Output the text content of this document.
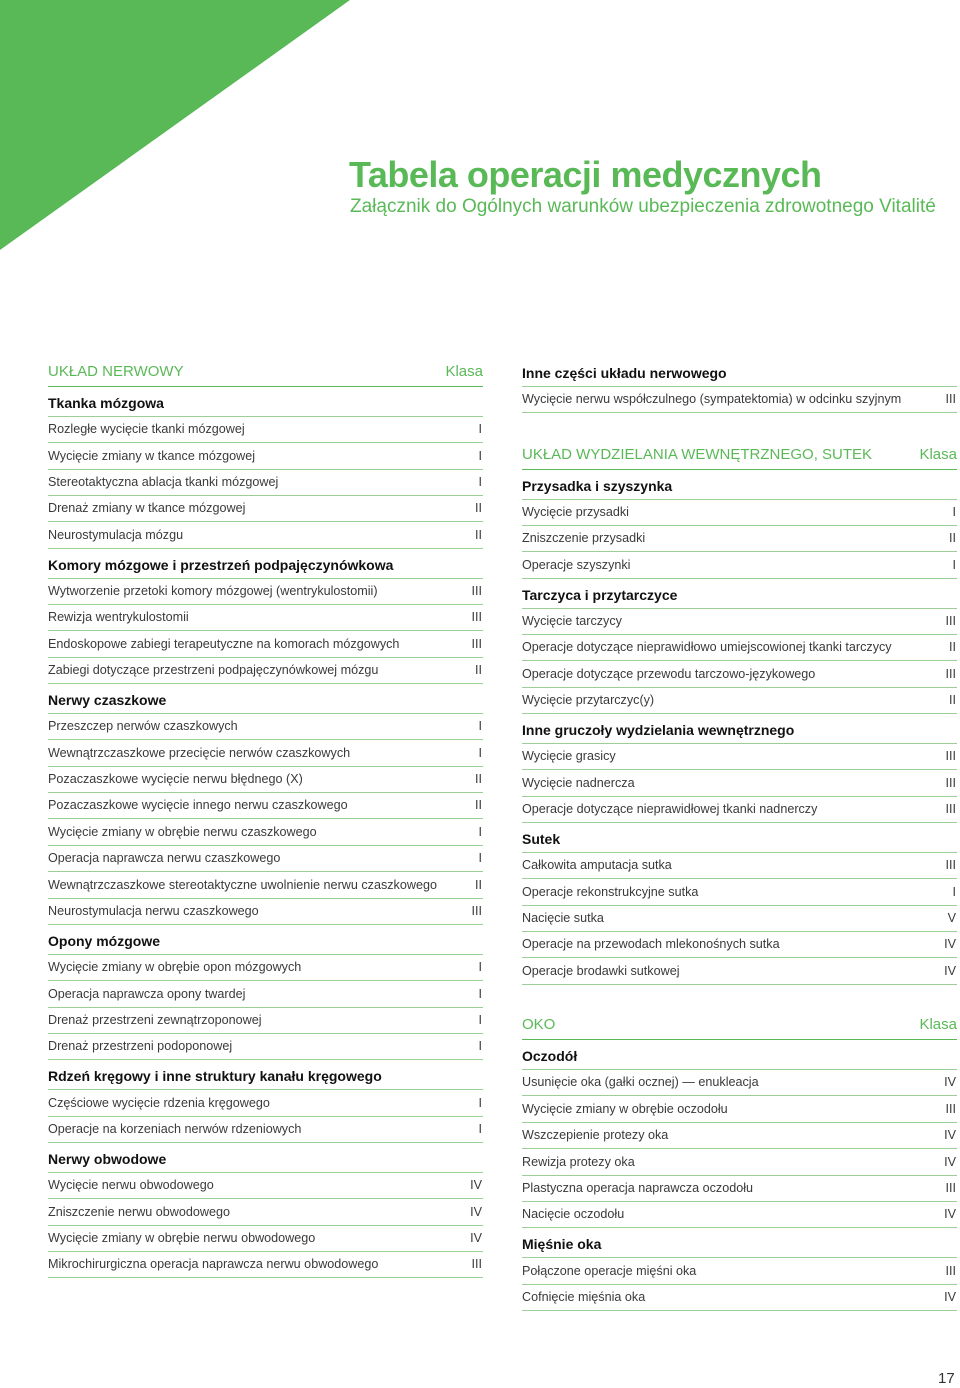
Tabela operacji medycznych
Załącznik do Ogólnych warunków ubezpieczenia zdrowotnego Vitalité
UKŁAD NERWOWY	Klasa
Tkanka mózgowa
Rozległe wycięcie tkanki mózgowej	I
Wycięcie zmiany w tkance mózgowej	I
Stereotaktyczna ablacja tkanki mózgowej	I
Drenaż zmiany w tkance mózgowej	II
Neurostymulacja mózgu	II
Komory mózgowe i przestrzeń podpajęczynówkowa
Wytworzenie przetoki komory mózgowej (wentrykulostomii)	III
Rewizja wentrykulostomii	III
Endoskopowe zabiegi terapeutyczne na komorach mózgowych	III
Zabiegi dotyczące przestrzeni podpajęczynówkowej mózgu	II
Nerwy czaszkowe
Przeszczep nerwów czaszkowych	I
Wewnątrzczaszkowe przecięcie nerwów czaszkowych	I
Pozaczaszkowe wycięcie nerwu błędnego (X)	II
Pozaczaszkowe wycięcie innego nerwu czaszkowego	II
Wycięcie zmiany w obrębie nerwu czaszkowego	I
Operacja naprawcza nerwu czaszkowego	I
Wewnątrzczaszkowe stereotaktyczne uwolnienie nerwu czaszkowego	II
Neurostymulacja nerwu czaszkowego	III
Opony mózgowe
Wycięcie zmiany w obrębie opon mózgowych	I
Operacja naprawcza opony twardej	I
Drenaż przestrzeni zewnątrzoponowej	I
Drenaż przestrzeni podoponowej	I
Rdzeń kręgowy i inne struktury kanału kręgowego
Częściowe wycięcie rdzenia kręgowego	I
Operacje na korzeniach nerwów rdzeniowych	I
Nerwy obwodowe
Wycięcie nerwu obwodowego	IV
Zniszczenie nerwu obwodowego	IV
Wycięcie zmiany w obrębie nerwu obwodowego	IV
Mikrochirurgiczna operacja naprawcza nerwu obwodowego	III
Inne części układu nerwowego
Wycięcie nerwu współczulnego (sympatektomia) w odcinku szyjnym	III
UKŁAD WYDZIELANIA WEWNĘTRZNEGO, SUTEK	Klasa
Przysadka i szyszynka
Wycięcie przysadki	I
Zniszczenie przysadki	II
Operacje szyszynki	I
Tarczyca i przytarczyce
Wycięcie tarczycy	III
Operacje dotyczące nieprawidłowo umiejscowionej tkanki tarczycy	II
Operacje dotyczące przewodu tarczowo-językowego	III
Wycięcie przytarczyc(y)	II
Inne gruczoły wydzielania wewnętrznego
Wycięcie grasicy	III
Wycięcie nadnercza	III
Operacje dotyczące nieprawidłowej tkanki nadnerczy	III
Sutek
Całkowita amputacja sutka	III
Operacje rekonstrukcyjne sutka	I
Nacięcie sutka	V
Operacje na przewodach mlekonośnych sutka	IV
Operacje brodawki sutkowej	IV
OKO	Klasa
Oczodół
Usunięcie oka (gałki ocznej) — enukleacja	IV
Wycięcie zmiany w obrębie oczodołu	III
Wszczepienie protezy oka	IV
Rewizja protezy oka	IV
Plastyczna operacja naprawcza oczodołu	III
Nacięcie oczodołu	IV
Mięśnie oka
Połączone operacje mięśni oka	III
Cofnięcie mięśnia oka	IV
17
